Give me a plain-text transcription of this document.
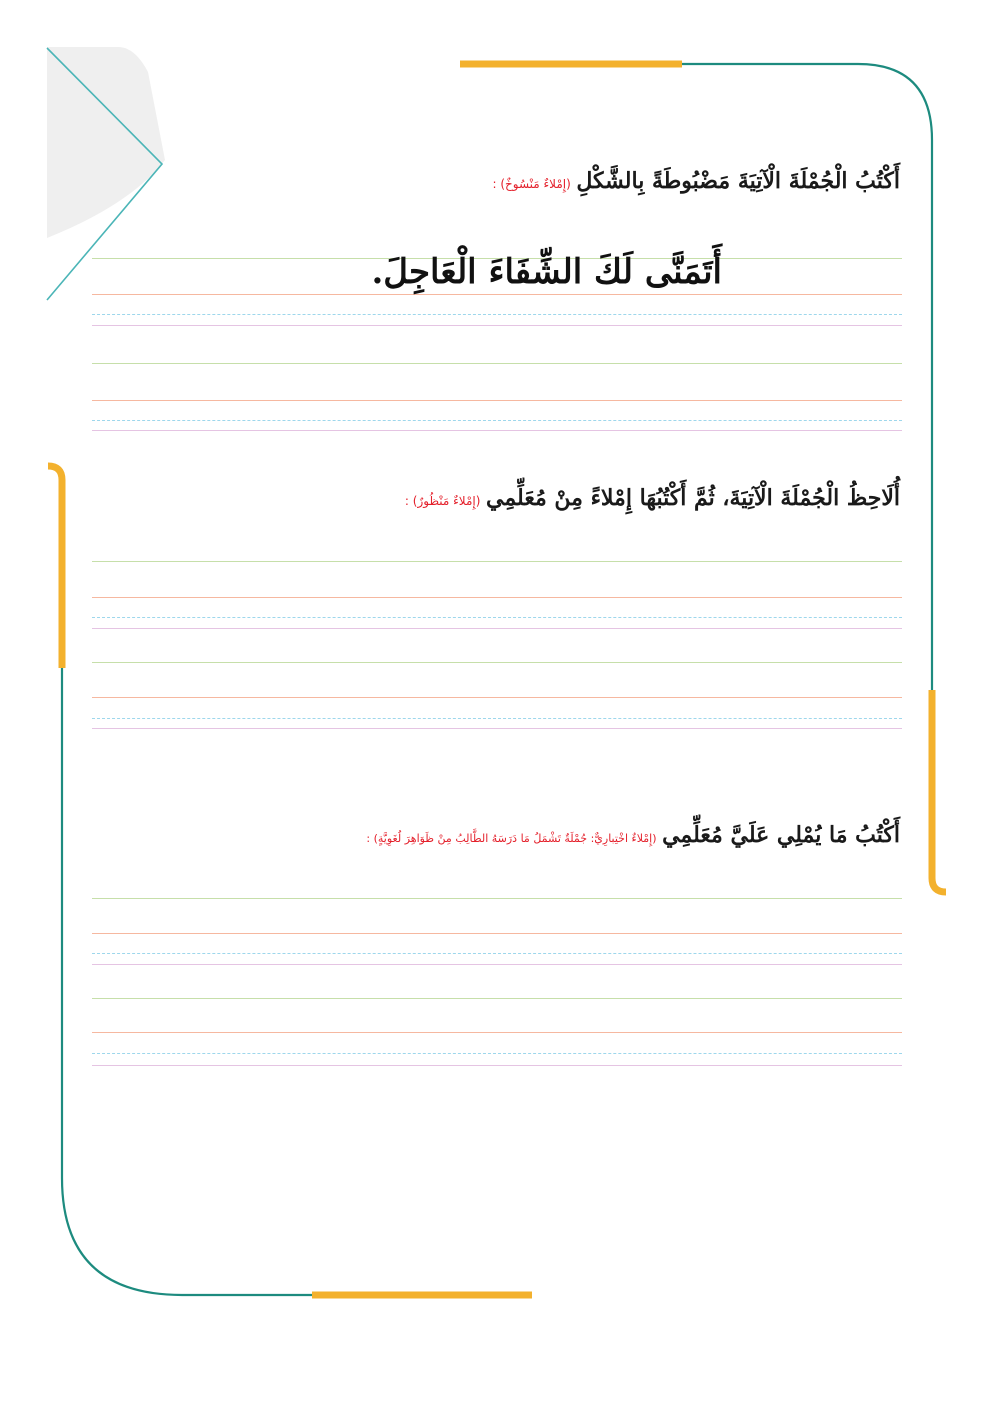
أَكْتُبُ الْجُمْلَةَ الْآتِيَةَ مَضْبُوطَةً بِالشَّكْلِ (إِمْلاءٌ مَنْسُوخٌ) :
أَتَمَنَّى لَكَ الشِّفَاءَ الْعَاجِلَ.
أُلَاحِظُ الْجُمْلَةَ الْآتِيَةَ، ثُمَّ أَكْتُبُهَا إِمْلاءً مِنْ مُعَلِّمِي (إِمْلاءٌ مَنْظُورٌ) :
أَكْتُبُ مَا يُمْلِي عَلَيَّ مُعَلِّمِي (إِمْلاءٌ اخْتِبارِيٌّ: جُمْلَةٌ تَشْمَلُ مَا دَرَسَهُ الطَّالِبُ مِنْ ظَوَاهِرَ لُغَوِيَّةٍ) :
